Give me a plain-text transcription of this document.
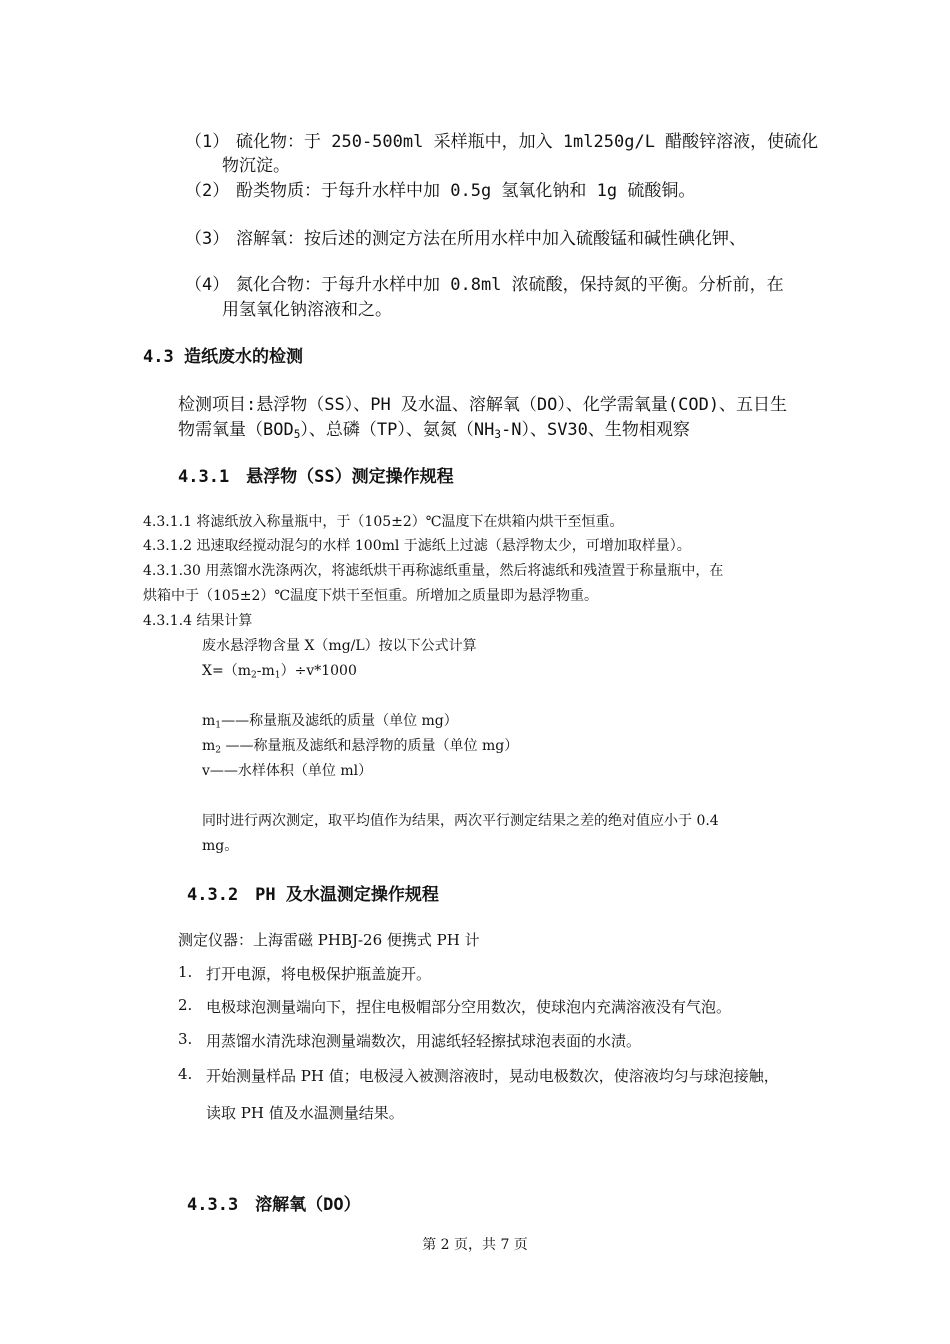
（1） 硫化物：于 250-500ml 采样瓶中，加入 1ml250g/L 醋酸锌溶液，使硫化
物沉淀。
（2） 酚类物质：于每升水样中加 0.5g 氢氧化钠和 1g 硫酸铜。
（3） 溶解氧：按后述的测定方法在所用水样中加入硫酸锰和碱性碘化钾、
（4） 氮化合物：于每升水样中加 0.8ml 浓硫酸，保持氮的平衡。分析前，在
用氢氧化钠溶液和之。
4.3 造纸废水的检测
检测项目:悬浮物（SS）、PH 及水温、溶解氧（DO）、化学需氧量(COD)、五日生
物需氧量$(BOD_5)$、总磷（TP）、氨氮$(NH_3-N)$、SV30、生物相观察
4.3.1　悬浮物（SS）测定操作规程
4.3.1.1 将滤纸放入称量瓶中，于（105±2）℃温度下在烘箱内烘干至恒重。
4.3.1.2 迅速取经搅动混匀的水样 100ml 于滤纸上过滤（悬浮物太少，可增加取样量）。
4.3.1.30 用蒸馏水洗涤两次，将滤纸烘干再称滤纸重量，然后将滤纸和残渣置于称量瓶中，在
烘箱中于（105±2）℃温度下烘干至恒重。所增加之质量即为悬浮物重。
4.3.1.4 结果计算
废水悬浮物含量 X（mg/L）按以下公式计算
$X=(m_2-m_1)\div v*1000$
$m_1——$称量瓶及滤纸的质量（单位 mg）
$m_2$ ——称量瓶及滤纸和悬浮物的质量（单位 mg）
v——水样体积（单位 ml）
同时进行两次测定，取平均值作为结果，两次平行测定结果之差的绝对值应小于 0.4
mg。
4.3.2　PH 及水温测定操作规程
测定仪器：上海雷磁 PHBJ-26 便携式 PH 计
1. 打开电源，将电极保护瓶盖旋开。
2. 电极球泡测量端向下，捏住电极帽部分空用数次，使球泡内充满溶液没有气泡。
3. 用蒸馏水清洗球泡测量端数次，用滤纸轻轻擦拭球泡表面的水渍。
4. 开始测量样品 PH 值；电极浸入被测溶液时，晃动电极数次，使溶液均匀与球泡接触，
读取 PH 值及水温测量结果。
4.3.3　溶解氧（DO）
第 2 页，共 7 页
